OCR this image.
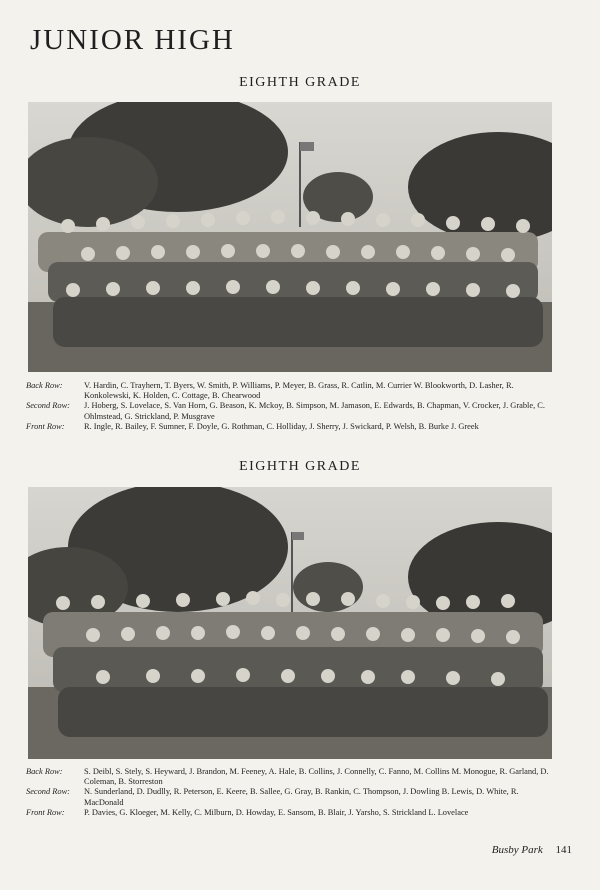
JUNIOR HIGH
EIGHTH GRADE
Back Row:	V. Hardin, C. Trayhern, T. Byers, W. Smith, P. Williams, P. Meyer, B. Grass, R. Catlin, M. Currier W. Blookworth, D. Lasher, R. Konkolewski, K. Holden, C. Cottage, B. Chearwood
Second Row:	J. Hoberg, S. Lovelace, S. Van Horn, G. Beason, K. Mckoy, B. Simpson, M. Jamason, E. Edwards, B. Chapman, V. Crocker, J. Grable, C. Ohlmstead, G. Strickland, P. Musgrave
Front Row:	R. Ingle, R. Bailey, F. Sumner, F. Doyle, G. Rothman, C. Holliday, J. Sherry, J. Swickard, P. Welsh, B. Burke J. Greek
EIGHTH GRADE
Back Row:	S. Deibl, S. Stely, S. Heyward, J. Brandon, M. Feeney, A. Hale, B. Collins, J. Connelly, C. Fanno, M. Collins M. Monogue, R. Garland, D. Coleman, B. Storreston
Second Row:	N. Sunderland, D. Dudlly, R. Peterson, E. Keere, B. Sallee, G. Gray, B. Rankin, C. Thompson, J. Dowling B. Lewis, D. White, R. MacDonald
Front Row:	P. Davies, G. Kloeger, M. Kelly, C. Milburn, D. Howday, E. Sansom, B. Blair, J. Yarsho, S. Strickland L. Lovelace
Busby Park 141
